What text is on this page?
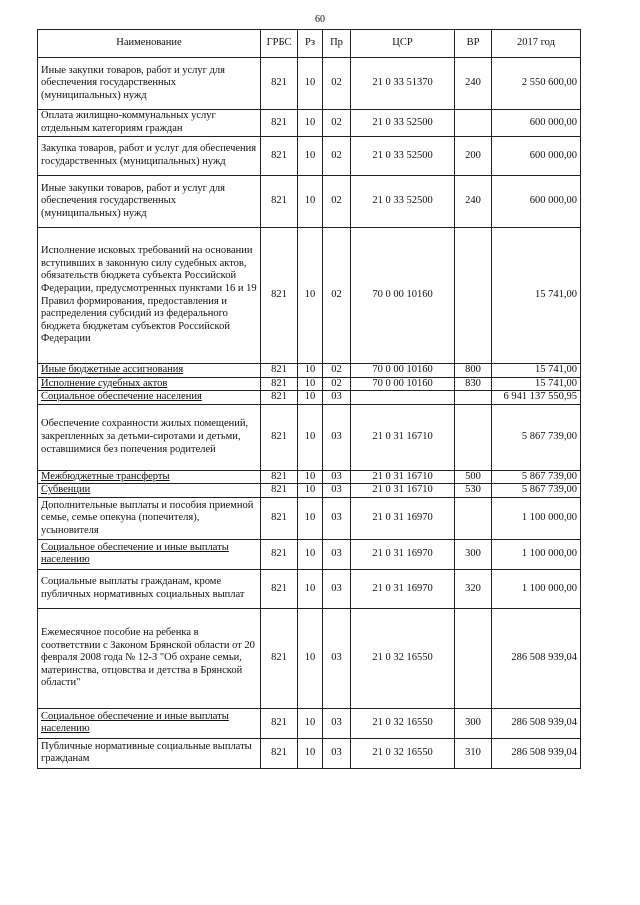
60
Наименование	ГРБС	Рз	Пр	ЦСР	ВР	2017 год
Иные закупки товаров, работ и услуг для обеспечения государственных (муниципальных) нужд	821	10	02	21 0 33 51370	240	2 550 600,00
Оплата жилищно-коммунальных услуг отдельным категориям граждан	821	10	02	21 0 33 52500		600 000,00
Закупка товаров, работ и услуг для обеспечения государственных (муниципальных) нужд	821	10	02	21 0 33 52500	200	600 000,00
Иные закупки товаров, работ и услуг для обеспечения государственных (муниципальных) нужд	821	10	02	21 0 33 52500	240	600 000,00
Исполнение исковых требований на основании вступивших в законную силу судебных актов, обязательств бюджета субъекта Российской Федерации, предусмотренных пунктами 16 и 19 Правил формирования, предоставления и распределения субсидий из федерального бюджета бюджетам субъектов Российской Федерации	821	10	02	70 0 00 10160		15 741,00
Иные бюджетные ассигнования	821	10	02	70 0 00 10160	800	15 741,00
Исполнение судебных актов	821	10	02	70 0 00 10160	830	15 741,00
Социальное обеспечение населения	821	10	03			6 941 137 550,95
Обеспечение сохранности жилых помещений, закрепленных за детьми-сиротами и детьми, оставшимися без попечения родителей	821	10	03	21 0 31 16710		5 867 739,00
Межбюджетные трансферты	821	10	03	21 0 31 16710	500	5 867 739,00
Субвенции	821	10	03	21 0 31 16710	530	5 867 739,00
Дополнительные выплаты и пособия приемной семье, семье опекуна (попечителя), усыновителя	821	10	03	21 0 31 16970		1 100 000,00
Социальное обеспечение и иные выплаты населению	821	10	03	21 0 31 16970	300	1 100 000,00
Социальные выплаты гражданам, кроме публичных нормативных социальных выплат	821	10	03	21 0 31 16970	320	1 100 000,00
Ежемесячное пособие на ребенка в соответствии с Законом Брянской области от 20 февраля 2008 года № 12-З "Об охране семьи, материнства, отцовства и детства в Брянской области"	821	10	03	21 0 32 16550		286 508 939,04
Социальное обеспечение и иные выплаты населению	821	10	03	21 0 32 16550	300	286 508 939,04
Публичные нормативные социальные выплаты гражданам	821	10	03	21 0 32 16550	310	286 508 939,04
